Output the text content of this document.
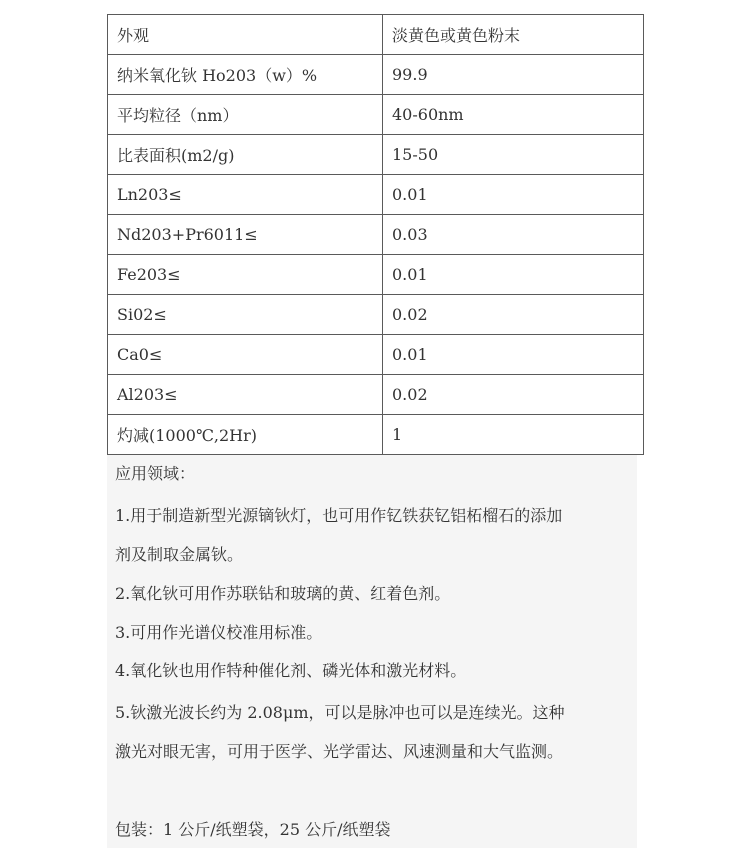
外观	淡黄色或黄色粉末
纳米氧化钬 Ho203（w）%	99.9
平均粒径（nm）	40-60nm
比表面积(m2/g)	15-50
Ln203≤	0.01
Nd203+Pr6011≤	0.03
Fe203≤	0.01
Si02≤	0.02
Ca0≤	0.01
Al203≤	0.02
灼减(1000℃,2Hr)	1
应用领域：
1.用于制造新型光源镝钬灯，也可用作钇铁获钇铝柘榴石的添加
剂及制取金属钬。
2.氧化钬可用作苏联钻和玻璃的黄、红着色剂。
3.可用作光谱仪校准用标准。
4.氧化钬也用作特种催化剂、磷光体和激光材料。
5.钬激光波长约为 2.08μm，可以是脉冲也可以是连续光。这种
激光对眼无害，可用于医学、光学雷达、风速测量和大气监测。
包装：1 公斤/纸塑袋，25 公斤/纸塑袋
